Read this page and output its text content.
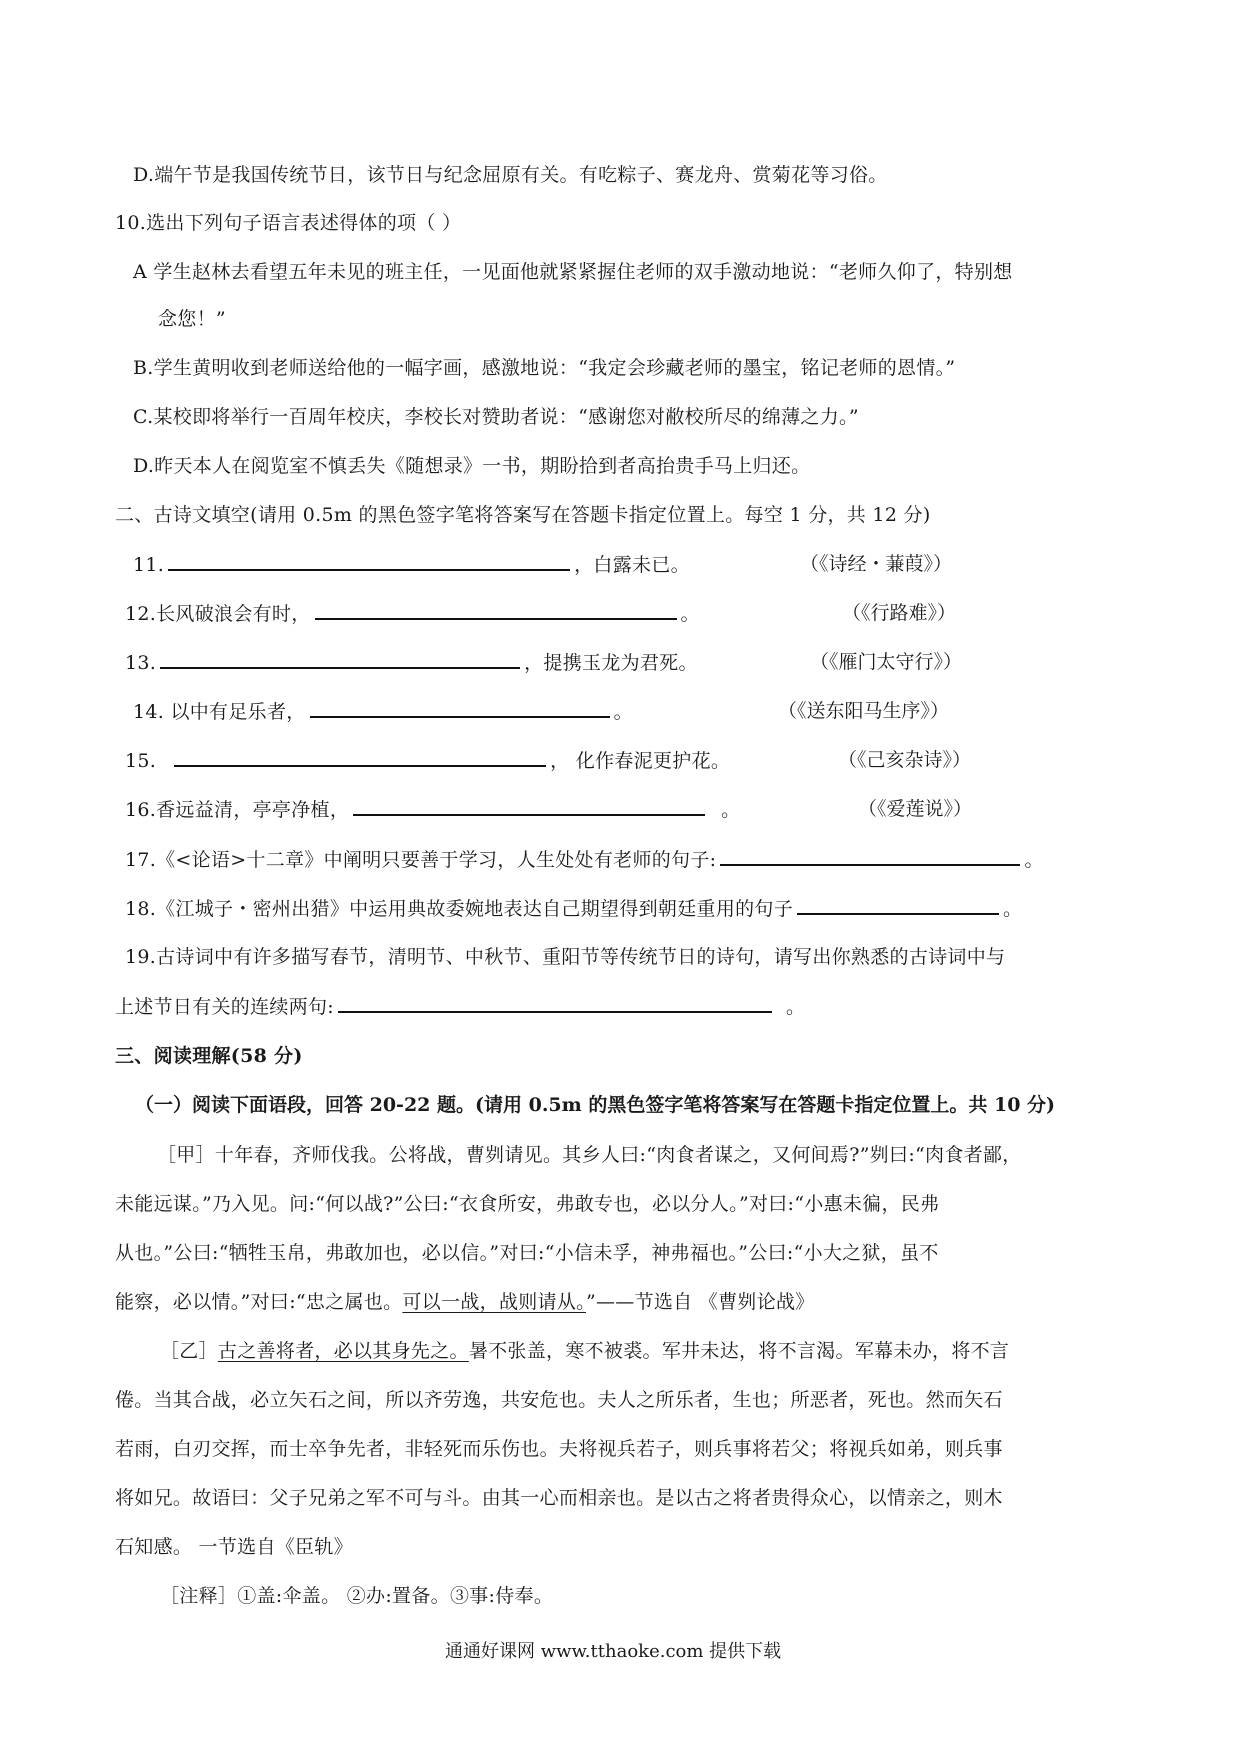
D.端午节是我国传统节日，该节日与纪念屈原有关。有吃粽子、赛龙舟、赏菊花等习俗。
10.选出下列句子语言表述得体的项（ ）
A 学生赵林去看望五年未见的班主任，一见面他就紧紧握住老师的双手激动地说：“老师久仰了，特别想
念您！”
B.学生黄明收到老师送给他的一幅字画，感激地说：“我定会珍藏老师的墨宝，铭记老师的恩情。”
C.某校即将举行一百周年校庆，李校长对赞助者说：“感谢您对敝校所尽的绵薄之力。”
D.昨天本人在阅览室不慎丢失《随想录》一书，期盼拾到者高抬贵手马上归还。
二、古诗文填空(请用 0.5m 的黑色签字笔将答案写在答题卡指定位置上。每空 1 分，共 12 分)
11.	，白露未已。	（《诗经・蒹葭》）
12.长风破浪会有时，	。	（《行路难》）
13.	，提携玉龙为君死。	（《雁门太守行》）
14. 以中有足乐者，	。	（《送东阳马生序》）
15.	， 化作春泥更护花。	（《己亥杂诗》）
16.香远益清，亭亭净植，	。	（《爱莲说》）
17.《<论语>十二章》中阐明只要善于学习，人生处处有老师的句子:	。
18.《江城子・密州出猎》中运用典故委婉地表达自己期望得到朝廷重用的句子	。
19.古诗词中有许多描写春节，清明节、中秋节、重阳节等传统节日的诗句，请写出你熟悉的古诗词中与
上述节日有关的连续两句:	。
三、阅读理解(58 分)
（一）阅读下面语段，回答 20-22 题。(请用 0.5m 的黑色签字笔将答案写在答题卡指定位置上。共 10 分)
［甲］十年春，齐师伐我。公将战，曹刿请见。其乡人曰:“肉食者谋之，又何间焉?”刿曰:“肉食者鄙，
未能远谋。”乃入见。问:“何以战?”公曰:“衣食所安，弗敢专也，必以分人。”对曰:“小惠未徧，民弗
从也。”公曰:“牺牲玉帛，弗敢加也，必以信。”对曰:“小信未孚，神弗福也。”公曰:“小大之狱，虽不
能察，必以情。”对曰:“忠之属也。可以一战，战则请从。”——节选自 《曹刿论战》
［乙］古之善将者，必以其身先之。暑不张盖，寒不被裘。军井未达，将不言渴。军幕未办，将不言
倦。当其合战，必立矢石之间，所以齐劳逸，共安危也。夫人之所乐者，生也；所恶者，死也。然而矢石
若雨，白刃交挥，而士卒争先者，非轻死而乐伤也。夫将视兵若子，则兵事将若父；将视兵如弟，则兵事
将如兄。故语曰：父子兄弟之军不可与斗。由其一心而相亲也。是以古之将者贵得众心，以情亲之，则木
石知感。 一节选自《臣轨》
［注释］①盖:伞盖。 ②办:置备。③事:侍奉。
通通好课网 www.tthaoke.com 提供下载
